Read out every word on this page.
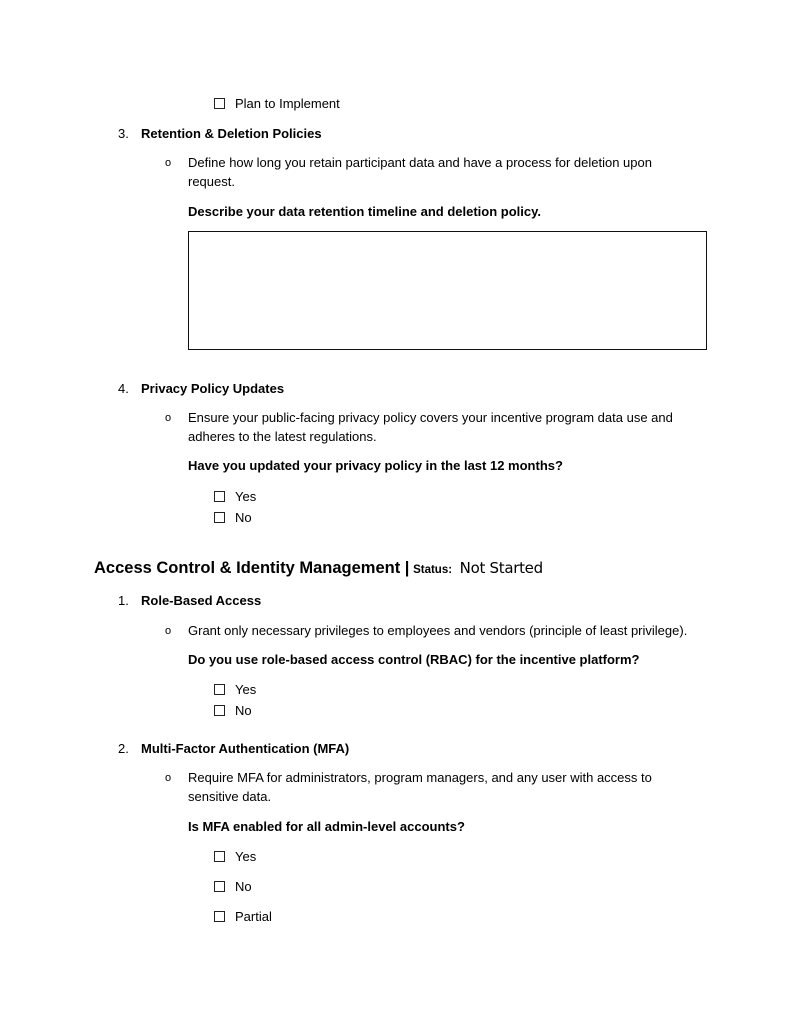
Plan to Implement
3. Retention & Deletion Policies
o Define how long you retain participant data and have a process for deletion upon
request.
Describe your data retention timeline and deletion policy.
4. Privacy Policy Updates
o Ensure your public-facing privacy policy covers your incentive program data use and
adheres to the latest regulations.
Have you updated your privacy policy in the last 12 months?
Yes
No
Access Control & Identity Management | Status: Not Started
1. Role-Based Access
o Grant only necessary privileges to employees and vendors (principle of least privilege).
Do you use role-based access control (RBAC) for the incentive platform?
Yes
No
2. Multi-Factor Authentication (MFA)
o Require MFA for administrators, program managers, and any user with access to
sensitive data.
Is MFA enabled for all admin-level accounts?
Yes
No
Partial
